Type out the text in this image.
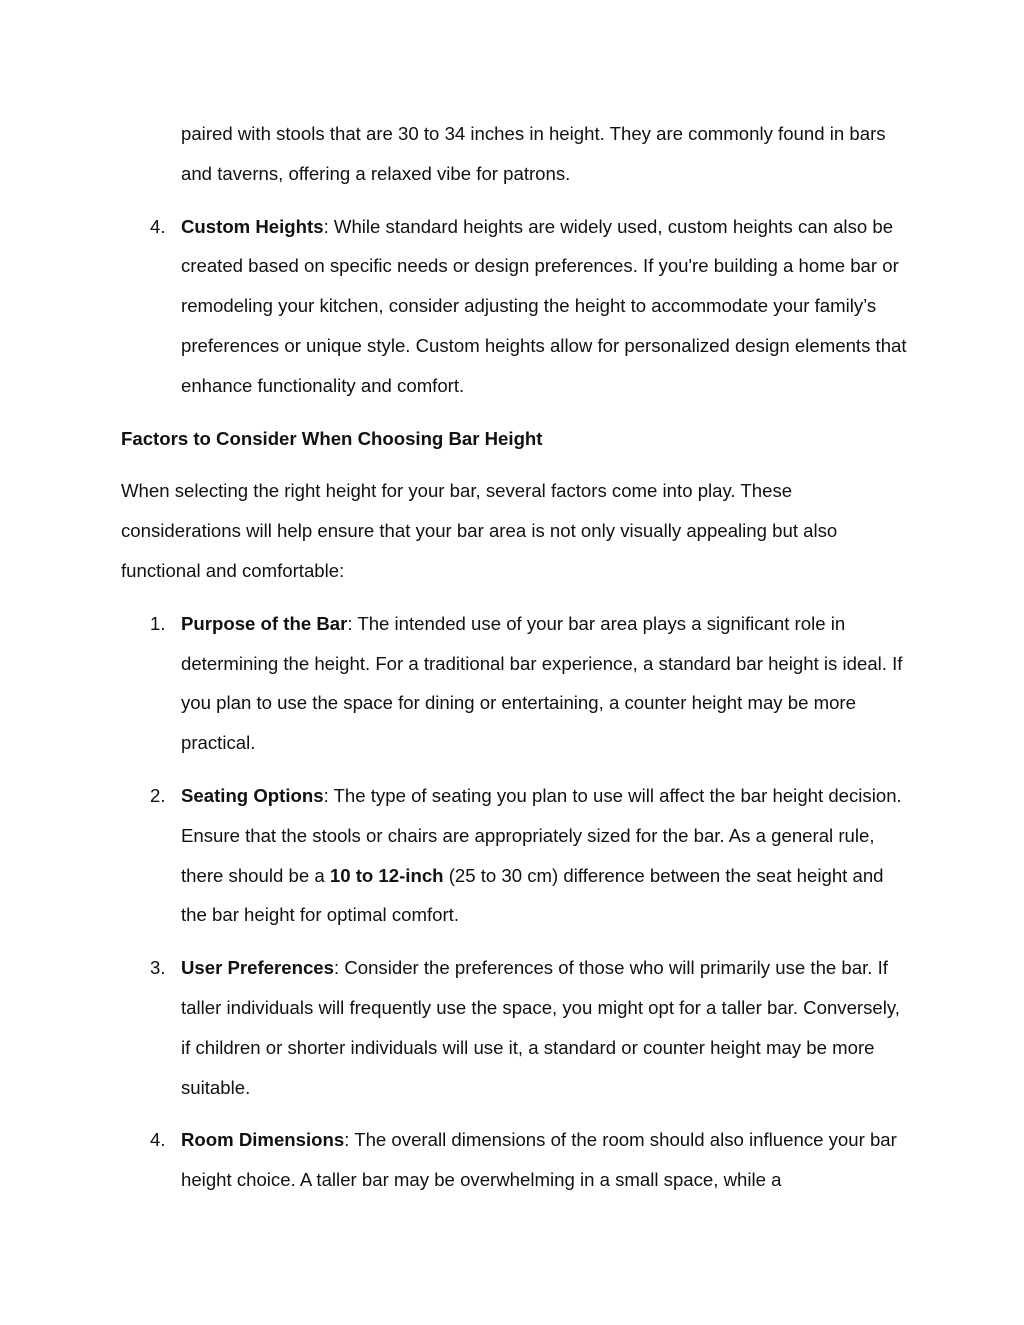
paired with stools that are 30 to 34 inches in height. They are commonly found in bars and taverns, offering a relaxed vibe for patrons.

4. Custom Heights: While standard heights are widely used, custom heights can also be created based on specific needs or design preferences. If you're building a home bar or remodeling your kitchen, consider adjusting the height to accommodate your family’s preferences or unique style. Custom heights allow for personalized design elements that enhance functionality and comfort.

Factors to Consider When Choosing Bar Height

When selecting the right height for your bar, several factors come into play. These considerations will help ensure that your bar area is not only visually appealing but also functional and comfortable:

1. Purpose of the Bar: The intended use of your bar area plays a significant role in determining the height. For a traditional bar experience, a standard bar height is ideal. If you plan to use the space for dining or entertaining, a counter height may be more practical.
2. Seating Options: The type of seating you plan to use will affect the bar height decision. Ensure that the stools or chairs are appropriately sized for the bar. As a general rule, there should be a 10 to 12-inch (25 to 30 cm) difference between the seat height and the bar height for optimal comfort.
3. User Preferences: Consider the preferences of those who will primarily use the bar. If taller individuals will frequently use the space, you might opt for a taller bar. Conversely, if children or shorter individuals will use it, a standard or counter height may be more suitable.
4. Room Dimensions: The overall dimensions of the room should also influence your bar height choice. A taller bar may be overwhelming in a small space, while a
